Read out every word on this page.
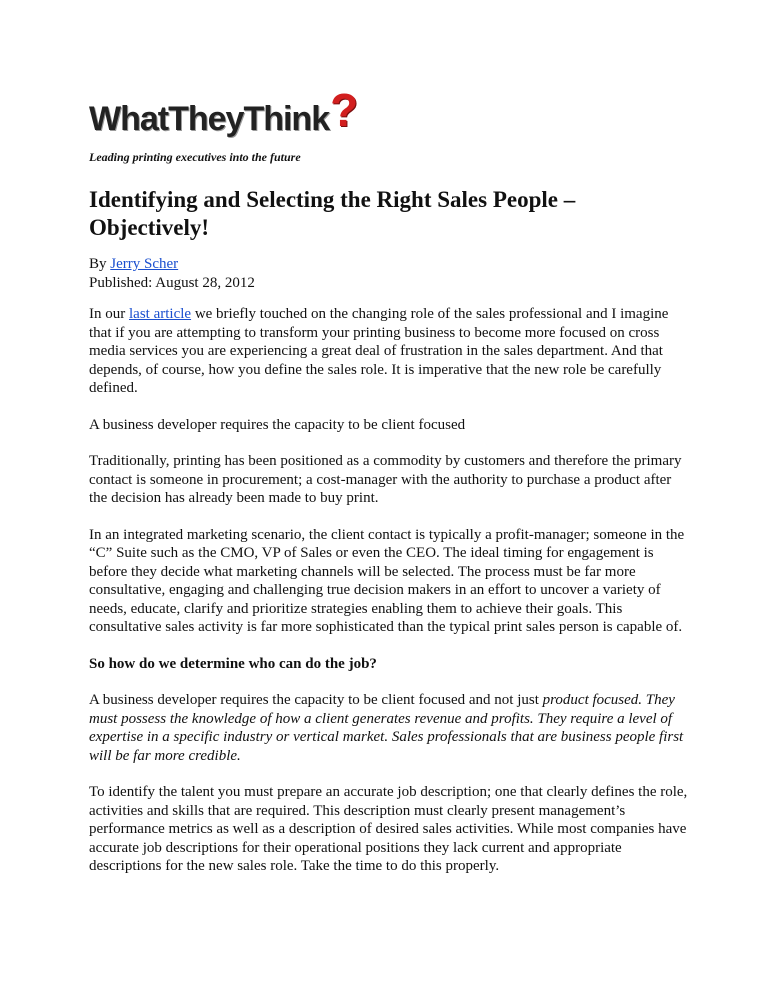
WhatTheyThink ?
Leading printing executives into the future
Identifying and Selecting the Right Sales People – Objectively!
By Jerry Scher
Published: August 28, 2012

In our last article we briefly touched on the changing role of the sales professional and I imagine that if you are attempting to transform your printing business to become more focused on cross media services you are experiencing a great deal of frustration in the sales department. And that depends, of course, how you define the sales role. It is imperative that the new role be carefully defined.

A business developer requires the capacity to be client focused

Traditionally, printing has been positioned as a commodity by customers and therefore the primary contact is someone in procurement; a cost-manager with the authority to purchase a product after the decision has already been made to buy print.

In an integrated marketing scenario, the client contact is typically a profit-manager; someone in the “C” Suite such as the CMO, VP of Sales or even the CEO. The ideal timing for engagement is before they decide what marketing channels will be selected. The process must be far more consultative, engaging and challenging true decision makers in an effort to uncover a variety of needs, educate, clarify and prioritize strategies enabling them to achieve their goals. This consultative sales activity is far more sophisticated than the typical print sales person is capable of.

So how do we determine who can do the job?

A business developer requires the capacity to be client focused and not just product focused. They must possess the knowledge of how a client generates revenue and profits. They require a level of expertise in a specific industry or vertical market. Sales professionals that are business people first will be far more credible.

To identify the talent you must prepare an accurate job description; one that clearly defines the role, activities and skills that are required. This description must clearly present management’s performance metrics as well as a description of desired sales activities. While most companies have accurate job descriptions for their operational positions they lack current and appropriate descriptions for the new sales role. Take the time to do this properly.
